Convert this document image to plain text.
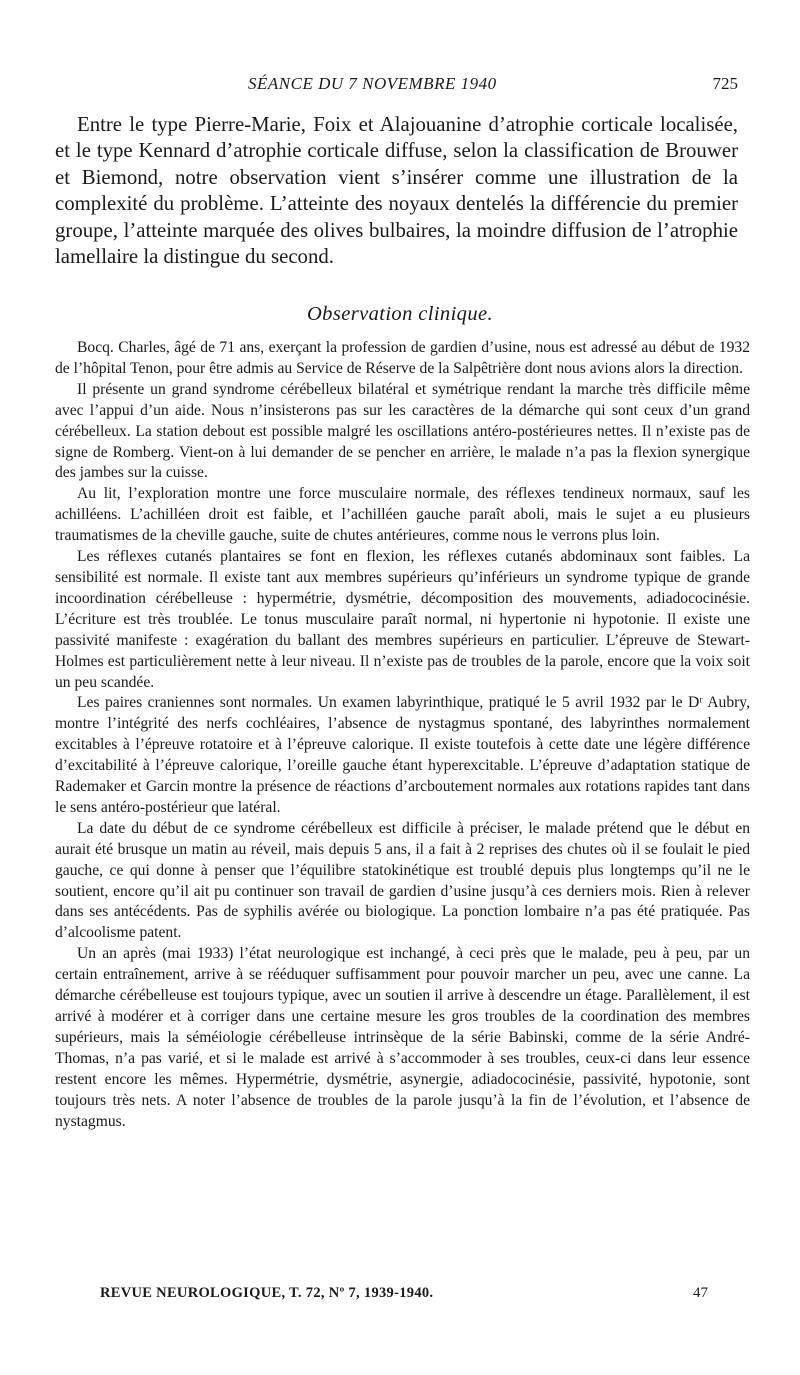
SÉANCE DU 7 NOVEMBRE 1940	725

Entre le type Pierre-Marie, Foix et Alajouanine d’atrophie corticale localisée, et le type Kennard d’atrophie corticale diffuse, selon la classification de Brouwer et Biemond, notre observation vient s’insérer comme une illustration de la complexité du problème. L’atteinte des noyaux dentelés la différencie du premier groupe, l’atteinte marquée des olives bulbaires, la moindre diffusion de l’atrophie lamellaire la distingue du second.

Observation clinique.

Bocq. Charles, âgé de 71 ans, exerçant la profession de gardien d’usine, nous est adressé au début de 1932 de l’hôpital Tenon, pour être admis au Service de Réserve de la Salpêtrière dont nous avions alors la direction.

Il présente un grand syndrome cérébelleux bilatéral et symétrique rendant la marche très difficile même avec l’appui d’un aide. Nous n’insisterons pas sur les caractères de la démarche qui sont ceux d’un grand cérébelleux. La station debout est possible malgré les oscillations antéro-postérieures nettes. Il n’existe pas de signe de Romberg. Vient-on à lui demander de se pencher en arrière, le malade n’a pas la flexion synergique des jambes sur la cuisse.

Au lit, l’exploration montre une force musculaire normale, des réflexes tendineux normaux, sauf les achilléens. L’achilléen droit est faible, et l’achilléen gauche paraît aboli, mais le sujet a eu plusieurs traumatismes de la cheville gauche, suite de chutes antérieures, comme nous le verrons plus loin.

Les réflexes cutanés plantaires se font en flexion, les réflexes cutanés abdominaux sont faibles. La sensibilité est normale. Il existe tant aux membres supérieurs qu’inférieurs un syndrome typique de grande incoordination cérébelleuse : hypermétrie, dysmétrie, décomposition des mouvements, adiadococinésie. L’écriture est très troublée. Le tonus musculaire paraît normal, ni hypertonie ni hypotonie. Il existe une passivité manifeste : exagération du ballant des membres supérieurs en particulier. L’épreuve de Stewart-Holmes est particulièrement nette à leur niveau. Il n’existe pas de troubles de la parole, encore que la voix soit un peu scandée.

Les paires craniennes sont normales. Un examen labyrinthique, pratiqué le 5 avril 1932 par le Dʳ Aubry, montre l’intégrité des nerfs cochléaires, l’absence de nystagmus spontané, des labyrinthes normalement excitables à l’épreuve rotatoire et à l’épreuve calorique. Il existe toutefois à cette date une légère différence d’excitabilité à l’épreuve calorique, l’oreille gauche étant hyperexcitable. L’épreuve d’adaptation statique de Rademaker et Garcin montre la présence de réactions d’arcboutement normales aux rotations rapides tant dans le sens antéro-postérieur que latéral.

La date du début de ce syndrome cérébelleux est difficile à préciser, le malade prétend que le début en aurait été brusque un matin au réveil, mais depuis 5 ans, il a fait à 2 reprises des chutes où il se foulait le pied gauche, ce qui donne à penser que l’équilibre statokinétique est troublé depuis plus longtemps qu’il ne le soutient, encore qu’il ait pu continuer son travail de gardien d’usine jusqu’à ces derniers mois. Rien à relever dans ses antécédents. Pas de syphilis avérée ou biologique. La ponction lombaire n’a pas été pratiquée. Pas d’alcoolisme patent.

Un an après (mai 1933) l’état neurologique est inchangé, à ceci près que le malade, peu à peu, par un certain entraînement, arrive à se rééduquer suffisamment pour pouvoir marcher un peu, avec une canne. La démarche cérébelleuse est toujours typique, avec un soutien il arrive à descendre un étage. Parallèlement, il est arrivé à modérer et à corriger dans une certaine mesure les gros troubles de la coordination des membres supérieurs, mais la séméiologie cérébelleuse intrinsèque de la série Babinski, comme de la série André-Thomas, n’a pas varié, et si le malade est arrivé à s’accommoder à ses troubles, ceux-ci dans leur essence restent encore les mêmes. Hypermétrie, dysmétrie, asynergie, adiadococinésie, passivité, hypotonie, sont toujours très nets. A noter l’absence de troubles de la parole jusqu’à la fin de l’évolution, et l’absence de nystagmus.

REVUE NEUROLOGIQUE, T. 72, Nº 7, 1939-1940.	47
